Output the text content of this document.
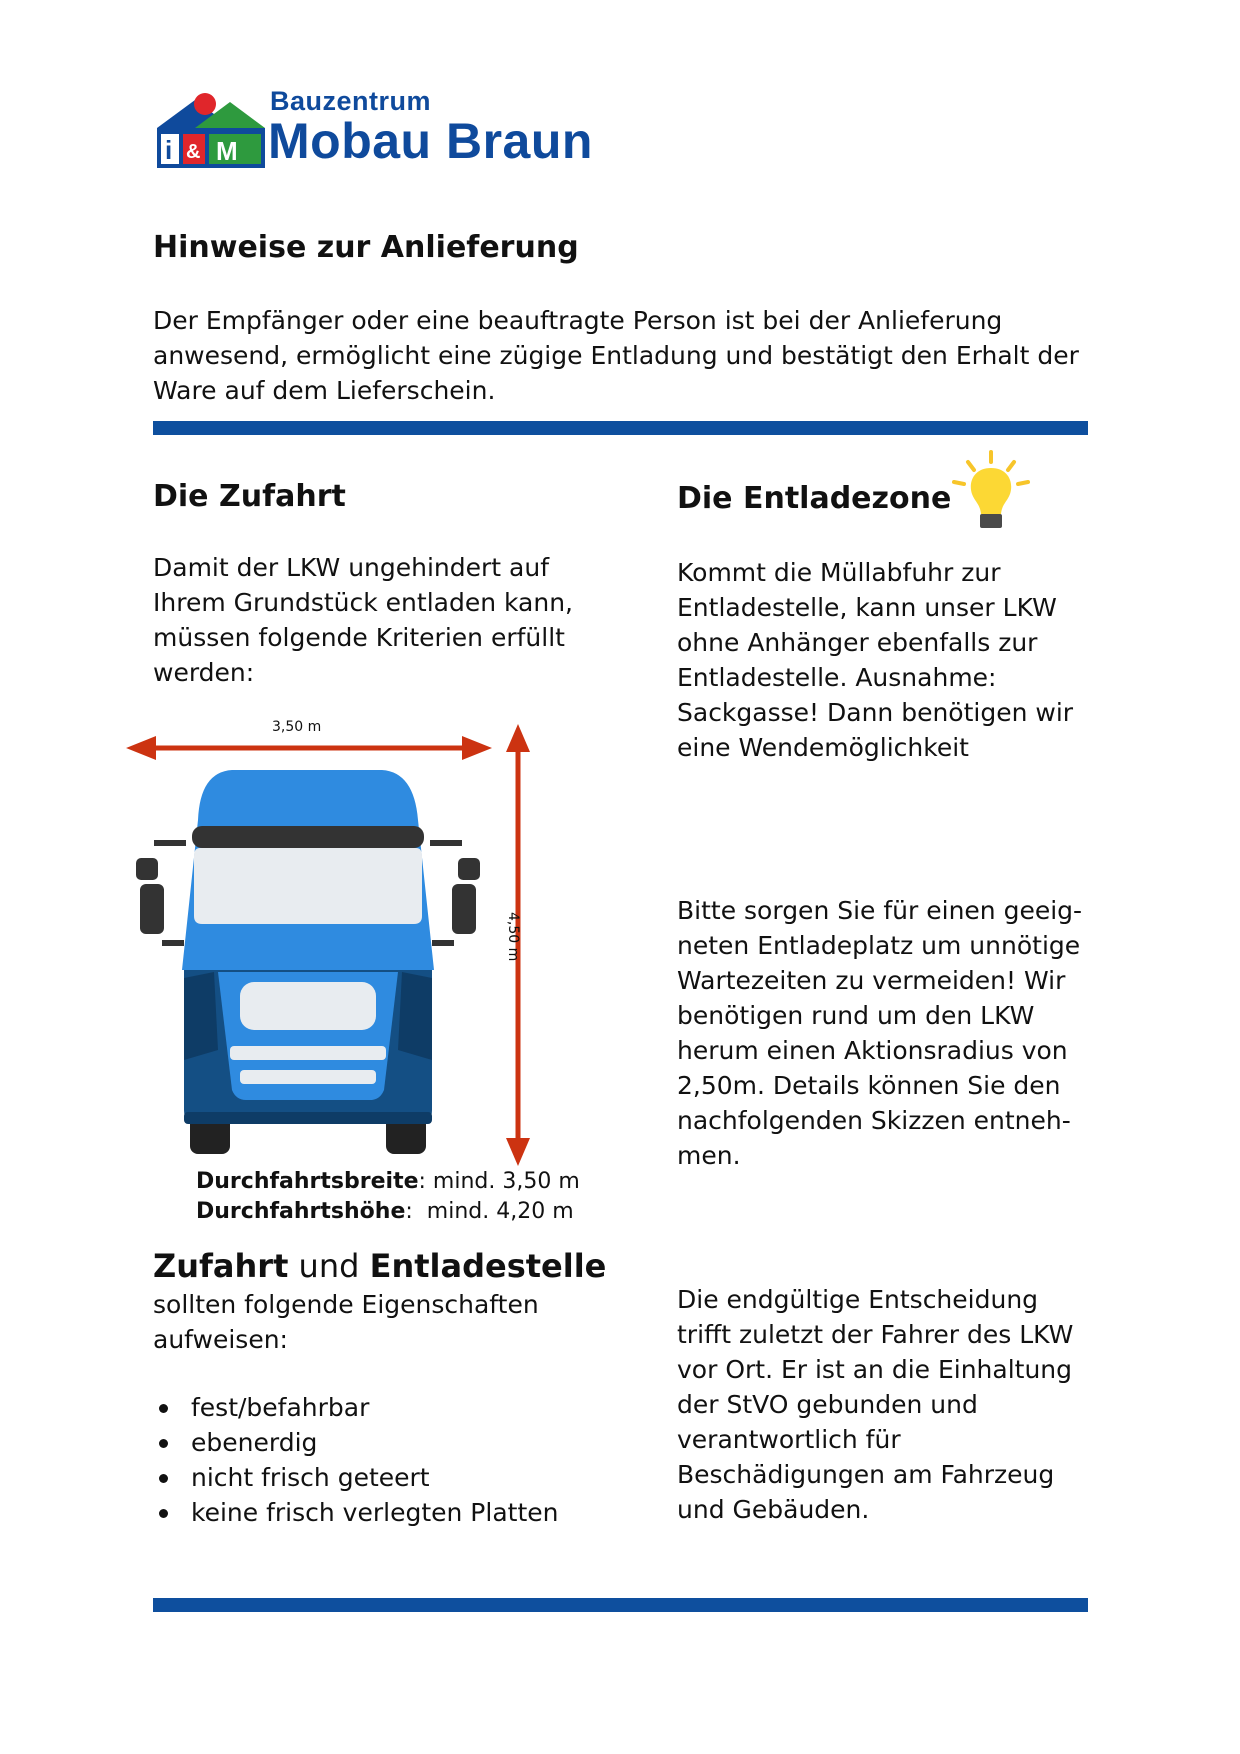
i & M
Bauzentrum
Mobau Braun
Hinweise zur Anlieferung
Der Empfänger oder eine beauftragte Person ist bei der Anlieferung anwesend, ermöglicht eine zügige Entladung und bestätigt den Erhalt der Ware auf dem Lieferschein.
Die Zufahrt
Damit der LKW ungehindert auf Ihrem Grundstück entladen kann, müssen folgende Kriterien erfüllt werden:
3,50 m
4,50 m
Durchfahrtsbreite: mind. 3,50 m
Durchfahrtshöhe:  mind. 4,20 m
Zufahrt und Entladestelle
sollten folgende Eigenschaften aufweisen:
fest/befahrbar
ebenerdig
nicht frisch geteert
keine frisch verlegten Platten
Die Entladezone
Kommt die Müllabfuhr zur Entladestelle, kann unser LKW ohne Anhänger ebenfalls zur Entladestelle. Ausnahme: Sackgasse! Dann benötigen wir eine Wendemöglichkeit
Bitte sorgen Sie für einen geeig- neten Entladeplatz um unnötige Wartezeiten zu vermeiden! Wir benötigen rund um den LKW herum einen Aktionsradius von 2,50m. Details können Sie den nachfolgenden Skizzen entneh- men.
Die endgültige Entscheidung trifft zuletzt der Fahrer des LKW vor Ort. Er ist an die Einhaltung der StVO gebunden und verantwortlich für Beschädigungen am Fahrzeug und Gebäuden.
